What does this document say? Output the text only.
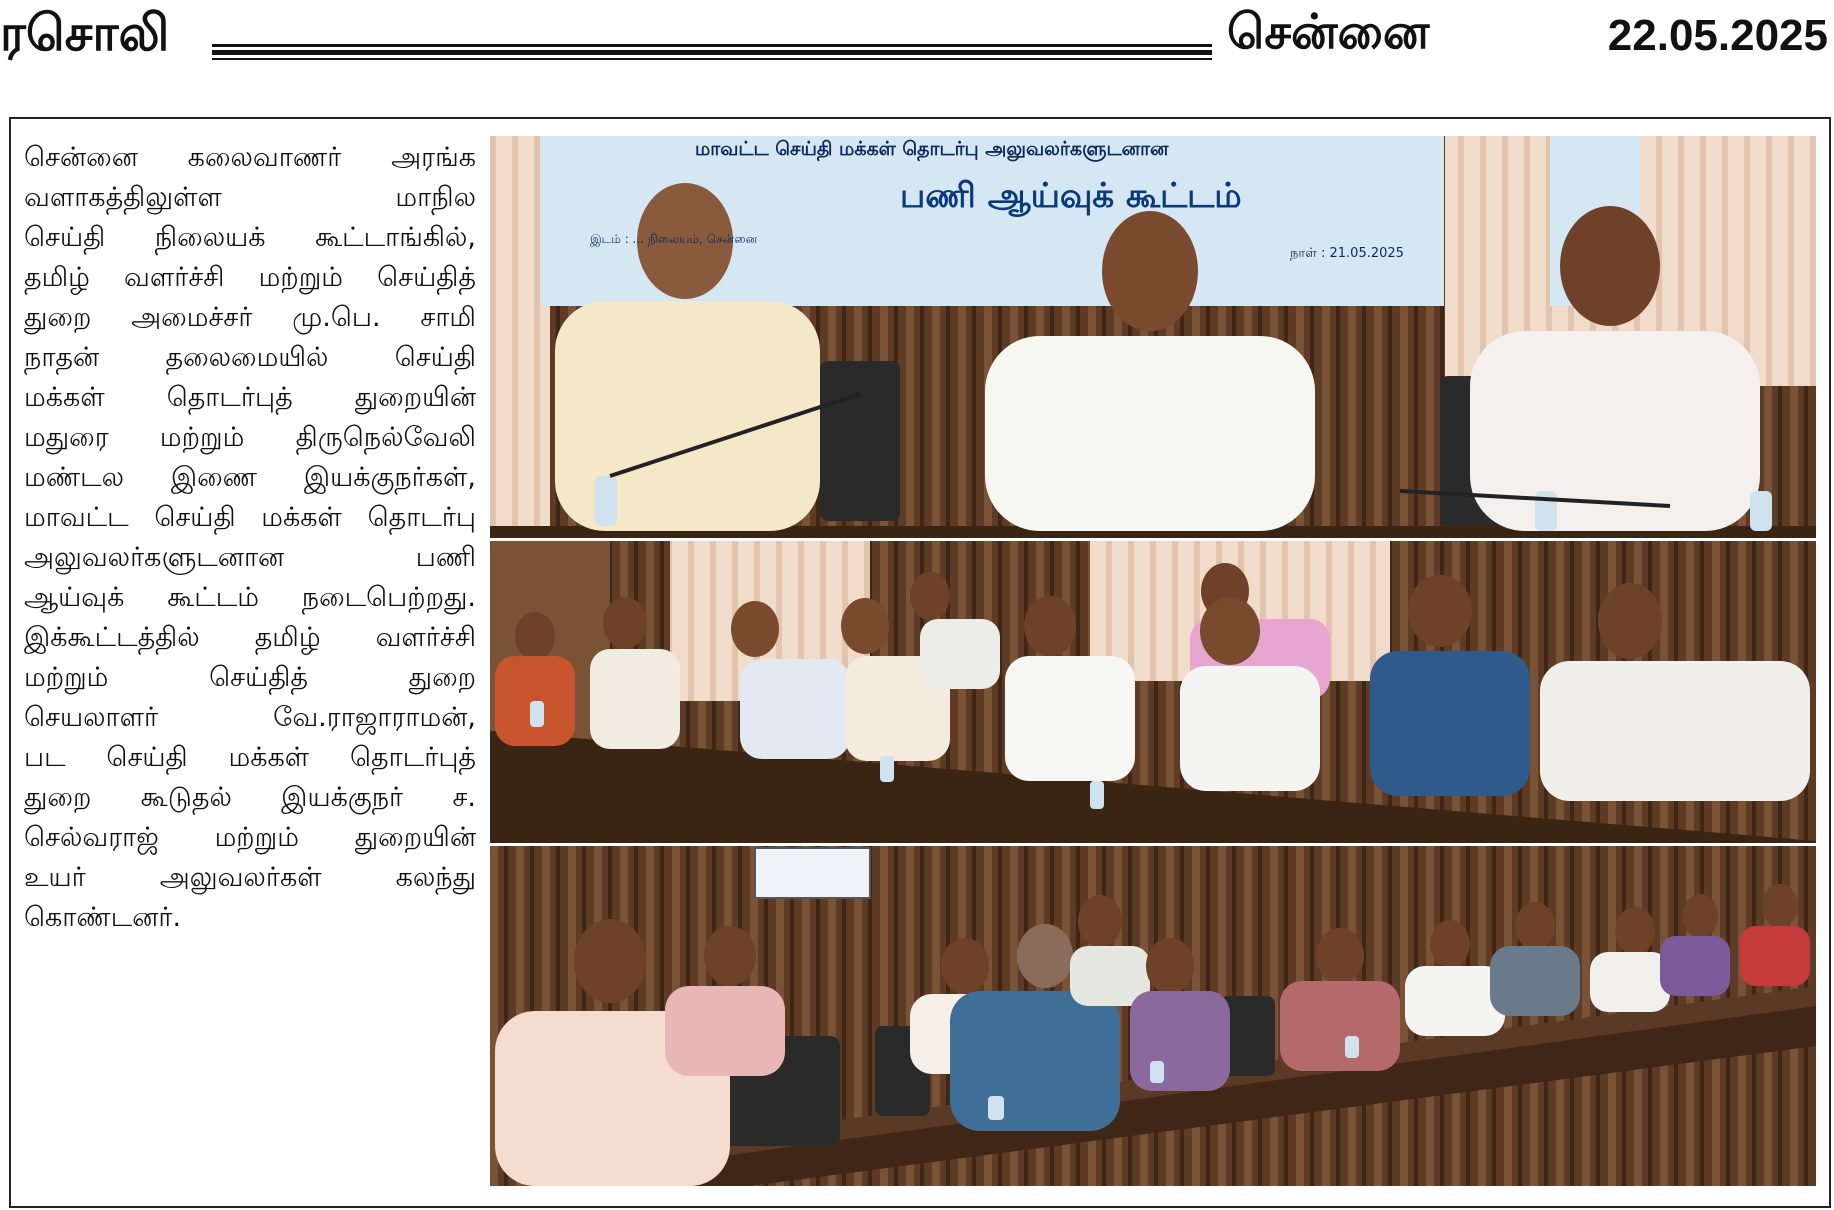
ரசொலி	சென்னை	22.05.2025
சென்னை கலைவாணர் அரங்க
வளாகத்திலுள்ள மாநில
செய்தி நிலையக் கூட்டாங்கில்,
தமிழ் வளர்ச்சி மற்றும் செய்தித்
துறை அமைச்சர் மு.பெ. சாமி
நாதன் தலைமையில் செய்தி
மக்கள் தொடர்புத் துறையின்
மதுரை மற்றும் திருநெல்வேலி
மண்டல இணை இயக்குநர்கள்,
மாவட்ட செய்தி மக்கள் தொடர்பு
அலுவலர்களுடனான பணி
ஆய்வுக் கூட்டம் நடைபெற்றது.
இக்கூட்டத்தில் தமிழ் வளர்ச்சி
மற்றும் செய்தித் துறை
செயலாளர் வே.ராஜாராமன்,
பட செய்தி மக்கள் தொடர்புத்
துறை கூடுதல் இயக்குநர் ச.
செல்வராஜ் மற்றும் துறையின்
உயர் அலுவலர்கள் கலந்து
கொண்டனர்.
மாவட்ட செய்தி மக்கள் தொடர்பு அலுவலர்களுடனான
பணி ஆய்வுக் கூட்டம்
இடம் : ... நிலையம், சென்னை
நாள் : 21.05.2025
